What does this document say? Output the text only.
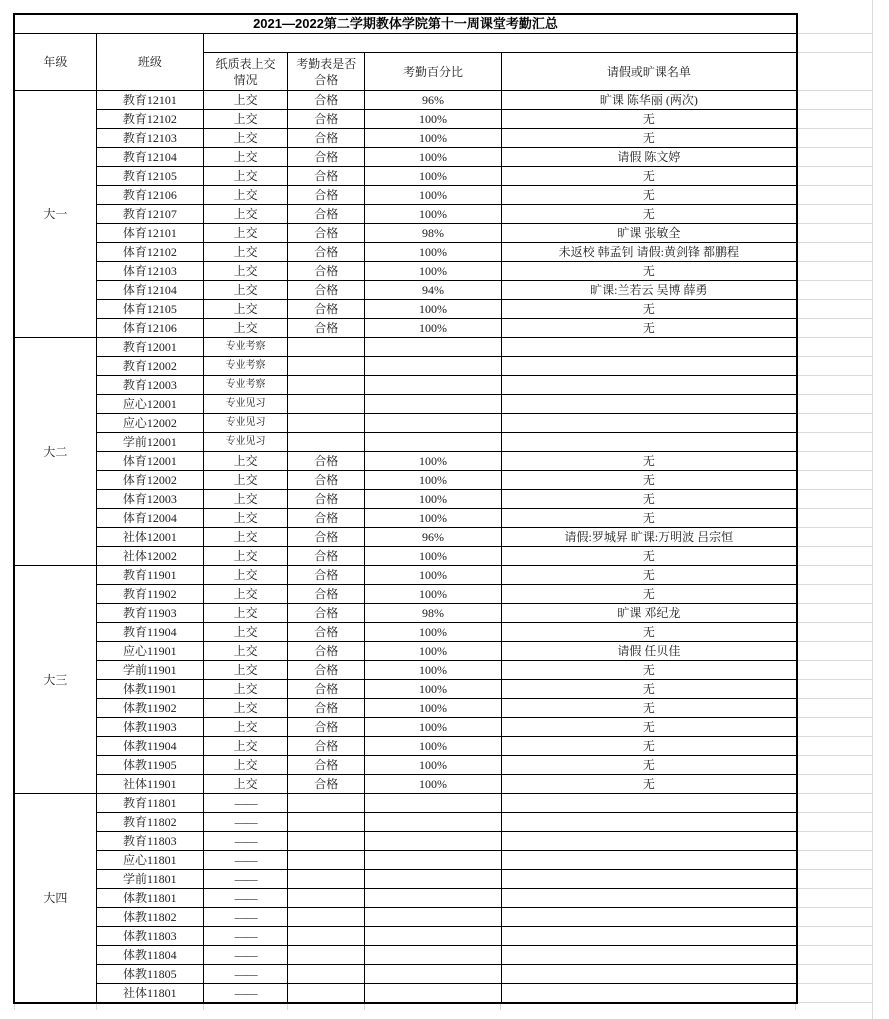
2021—2022第二学期教体学院第十一周课堂考勤汇总					
年级	班级				
		纸质表上交情况	考勤表是否合格	考勤百分比	请假或旷课名单
大一	教育12101	上交	合格	96%	旷课 陈华丽 (两次)
	教育12102	上交	合格	100%	无
	教育12103	上交	合格	100%	无
	教育12104	上交	合格	100%	请假 陈文婷
	教育12105	上交	合格	100%	无
	教育12106	上交	合格	100%	无
	教育12107	上交	合格	100%	无
	体育12101	上交	合格	98%	旷课 张敏全
	体育12102	上交	合格	100%	未返校 韩孟钊 请假:黄剑锋 都鹏程
	体育12103	上交	合格	100%	无
	体育12104	上交	合格	94%	旷课:兰若云 吴博 薛勇
	体育12105	上交	合格	100%	无
	体育12106	上交	合格	100%	无
大二	教育12001	专业考察			
	教育12002	专业考察			
	教育12003	专业考察			
	应心12001	专业见习			
	应心12002	专业见习			
	学前12001	专业见习			
	体育12001	上交	合格	100%	无
	体育12002	上交	合格	100%	无
	体育12003	上交	合格	100%	无
	体育12004	上交	合格	100%	无
	社体12001	上交	合格	96%	请假:罗城昇 旷课:万明波 吕宗恒
	社体12002	上交	合格	100%	无
大三	教育11901	上交	合格	100%	无
	教育11902	上交	合格	100%	无
	教育11903	上交	合格	98%	旷课 邓纪龙
	教育11904	上交	合格	100%	无
	应心11901	上交	合格	100%	请假 任贝佳
	学前11901	上交	合格	100%	无
	体教11901	上交	合格	100%	无
	体教11902	上交	合格	100%	无
	体教11903	上交	合格	100%	无
	体教11904	上交	合格	100%	无
	体教11905	上交	合格	100%	无
	社体11901	上交	合格	100%	无
大四	教育11801	——			
	教育11802	——			
	教育11803	——			
	应心11801	——			
	学前11801	——			
	体教11801	——			
	体教11802	——			
	体教11803	——			
	体教11804	——			
	体教11805	——			
	社体11801	——			
